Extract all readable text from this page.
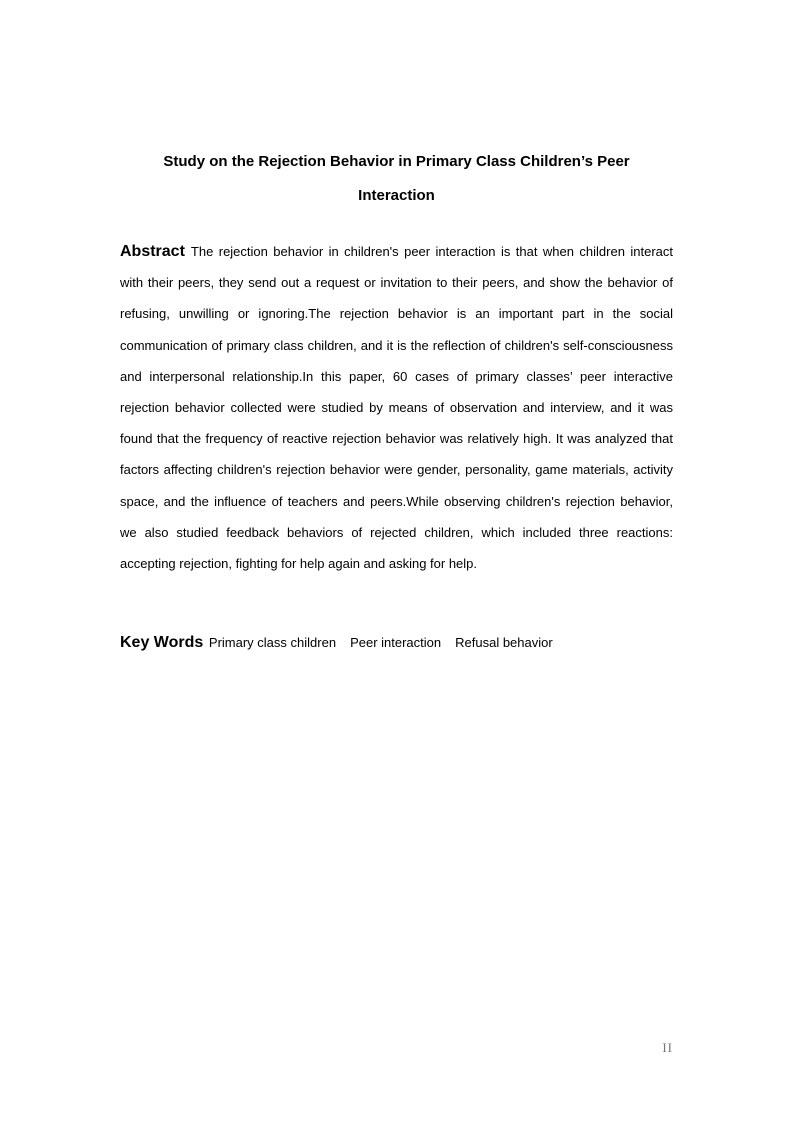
Study on the Rejection Behavior in Primary Class Children’s Peer
Interaction

Abstract The rejection behavior in children's peer interaction is that when children interact with their peers, they send out a request or invitation to their peers, and show the behavior of refusing, unwilling or ignoring.The rejection behavior is an important part in the social communication of primary class children, and it is the reflection of children's self-consciousness and interpersonal relationship.In this paper, 60 cases of primary classes’ peer interactive rejection behavior collected were studied by means of observation and interview, and it was found that the frequency of reactive rejection behavior was relatively high. It was analyzed that factors affecting children's rejection behavior were gender, personality, game materials, activity space, and the influence of teachers and peers.While observing children's rejection behavior, we also studied feedback behaviors of rejected children, which included three reactions: accepting rejection, fighting for help again and asking for help.

Key Words Primary class children Peer interaction Refusal behavior

II
